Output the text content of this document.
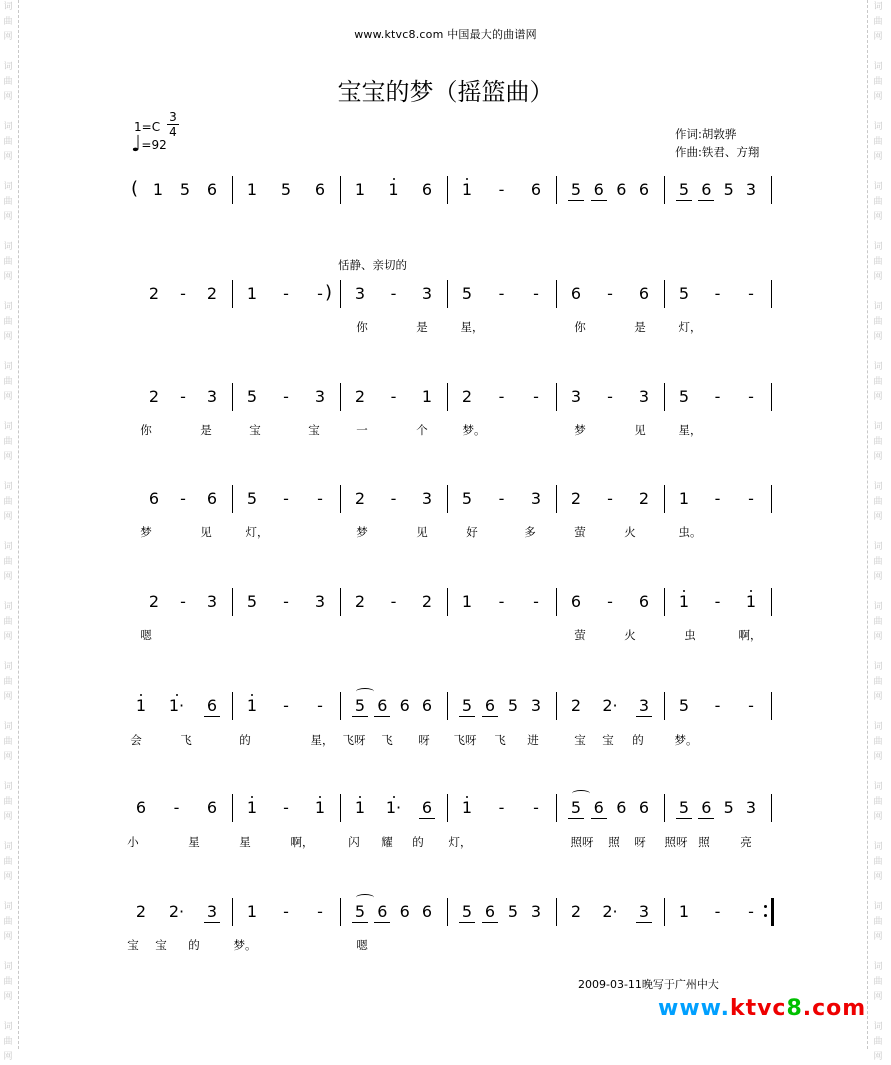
词曲网
词曲网
词曲网
词曲网
词曲网
词曲网
词曲网
词曲网
词曲网
词曲网
词曲网
词曲网
词曲网
词曲网
词曲网
词曲网
词曲网
词曲网
词曲网
词曲网
词曲网
词曲网
词曲网
词曲网
词曲网
词曲网
词曲网
词曲网
词曲网
词曲网
词曲网
词曲网
词曲网
词曲网
词曲网
词曲网
www.ktvc8.com 中国最大的曲谱网
宝宝的梦（摇篮曲）
1=C
3
4
♩=92
作词:胡敦骅
作曲:铁君、方翔
恬静、亲切的
( 1 5 6 1 5 6 1 1 6 1	-	6 5 6 6 6 5 6 5 3
)
2	-	2 1	-	-	3	-	3 5	-	-	6	-	6 5	-	-
你	是	星，	你	是	灯，
2	-	3 5	-	3 2	-	1 2	-	-	3	-	3 5	-	-
你	是	宝	宝	一	个	梦。	梦	见	星，
6	-	6 5	-	-	2	-	3 5	-	3 2	-	2 1	-	-
梦	见	灯，	梦	见	好	多	萤	火	虫。
2	-	3 5	-	3 2	-	2 1	-	-	6	-	6 1	-	1
嗯	萤	火	虫	啊，
1 1· 6 1	-	-	5 6 6 6 5 6 5 3 2 2· 3 5	-	-
会	飞	的	星， 飞呀	飞	呀	飞呀	飞	进	宝	宝	的	梦。
6	-	6 1	-	1 1 1· 6 1	-	-	5 6 6 6 5 6 5 3
小	星	星	啊，	闪	耀	的	灯，	照呀	照	呀	照呀 照	亮
2 2· 3 1	-	-	5 6 6 6 5 6 5 3 2 2· 3 1	-	-
宝	宝	的	梦。	嗯
2009-03-11晚写于广州中大
www.ktvc8.com
